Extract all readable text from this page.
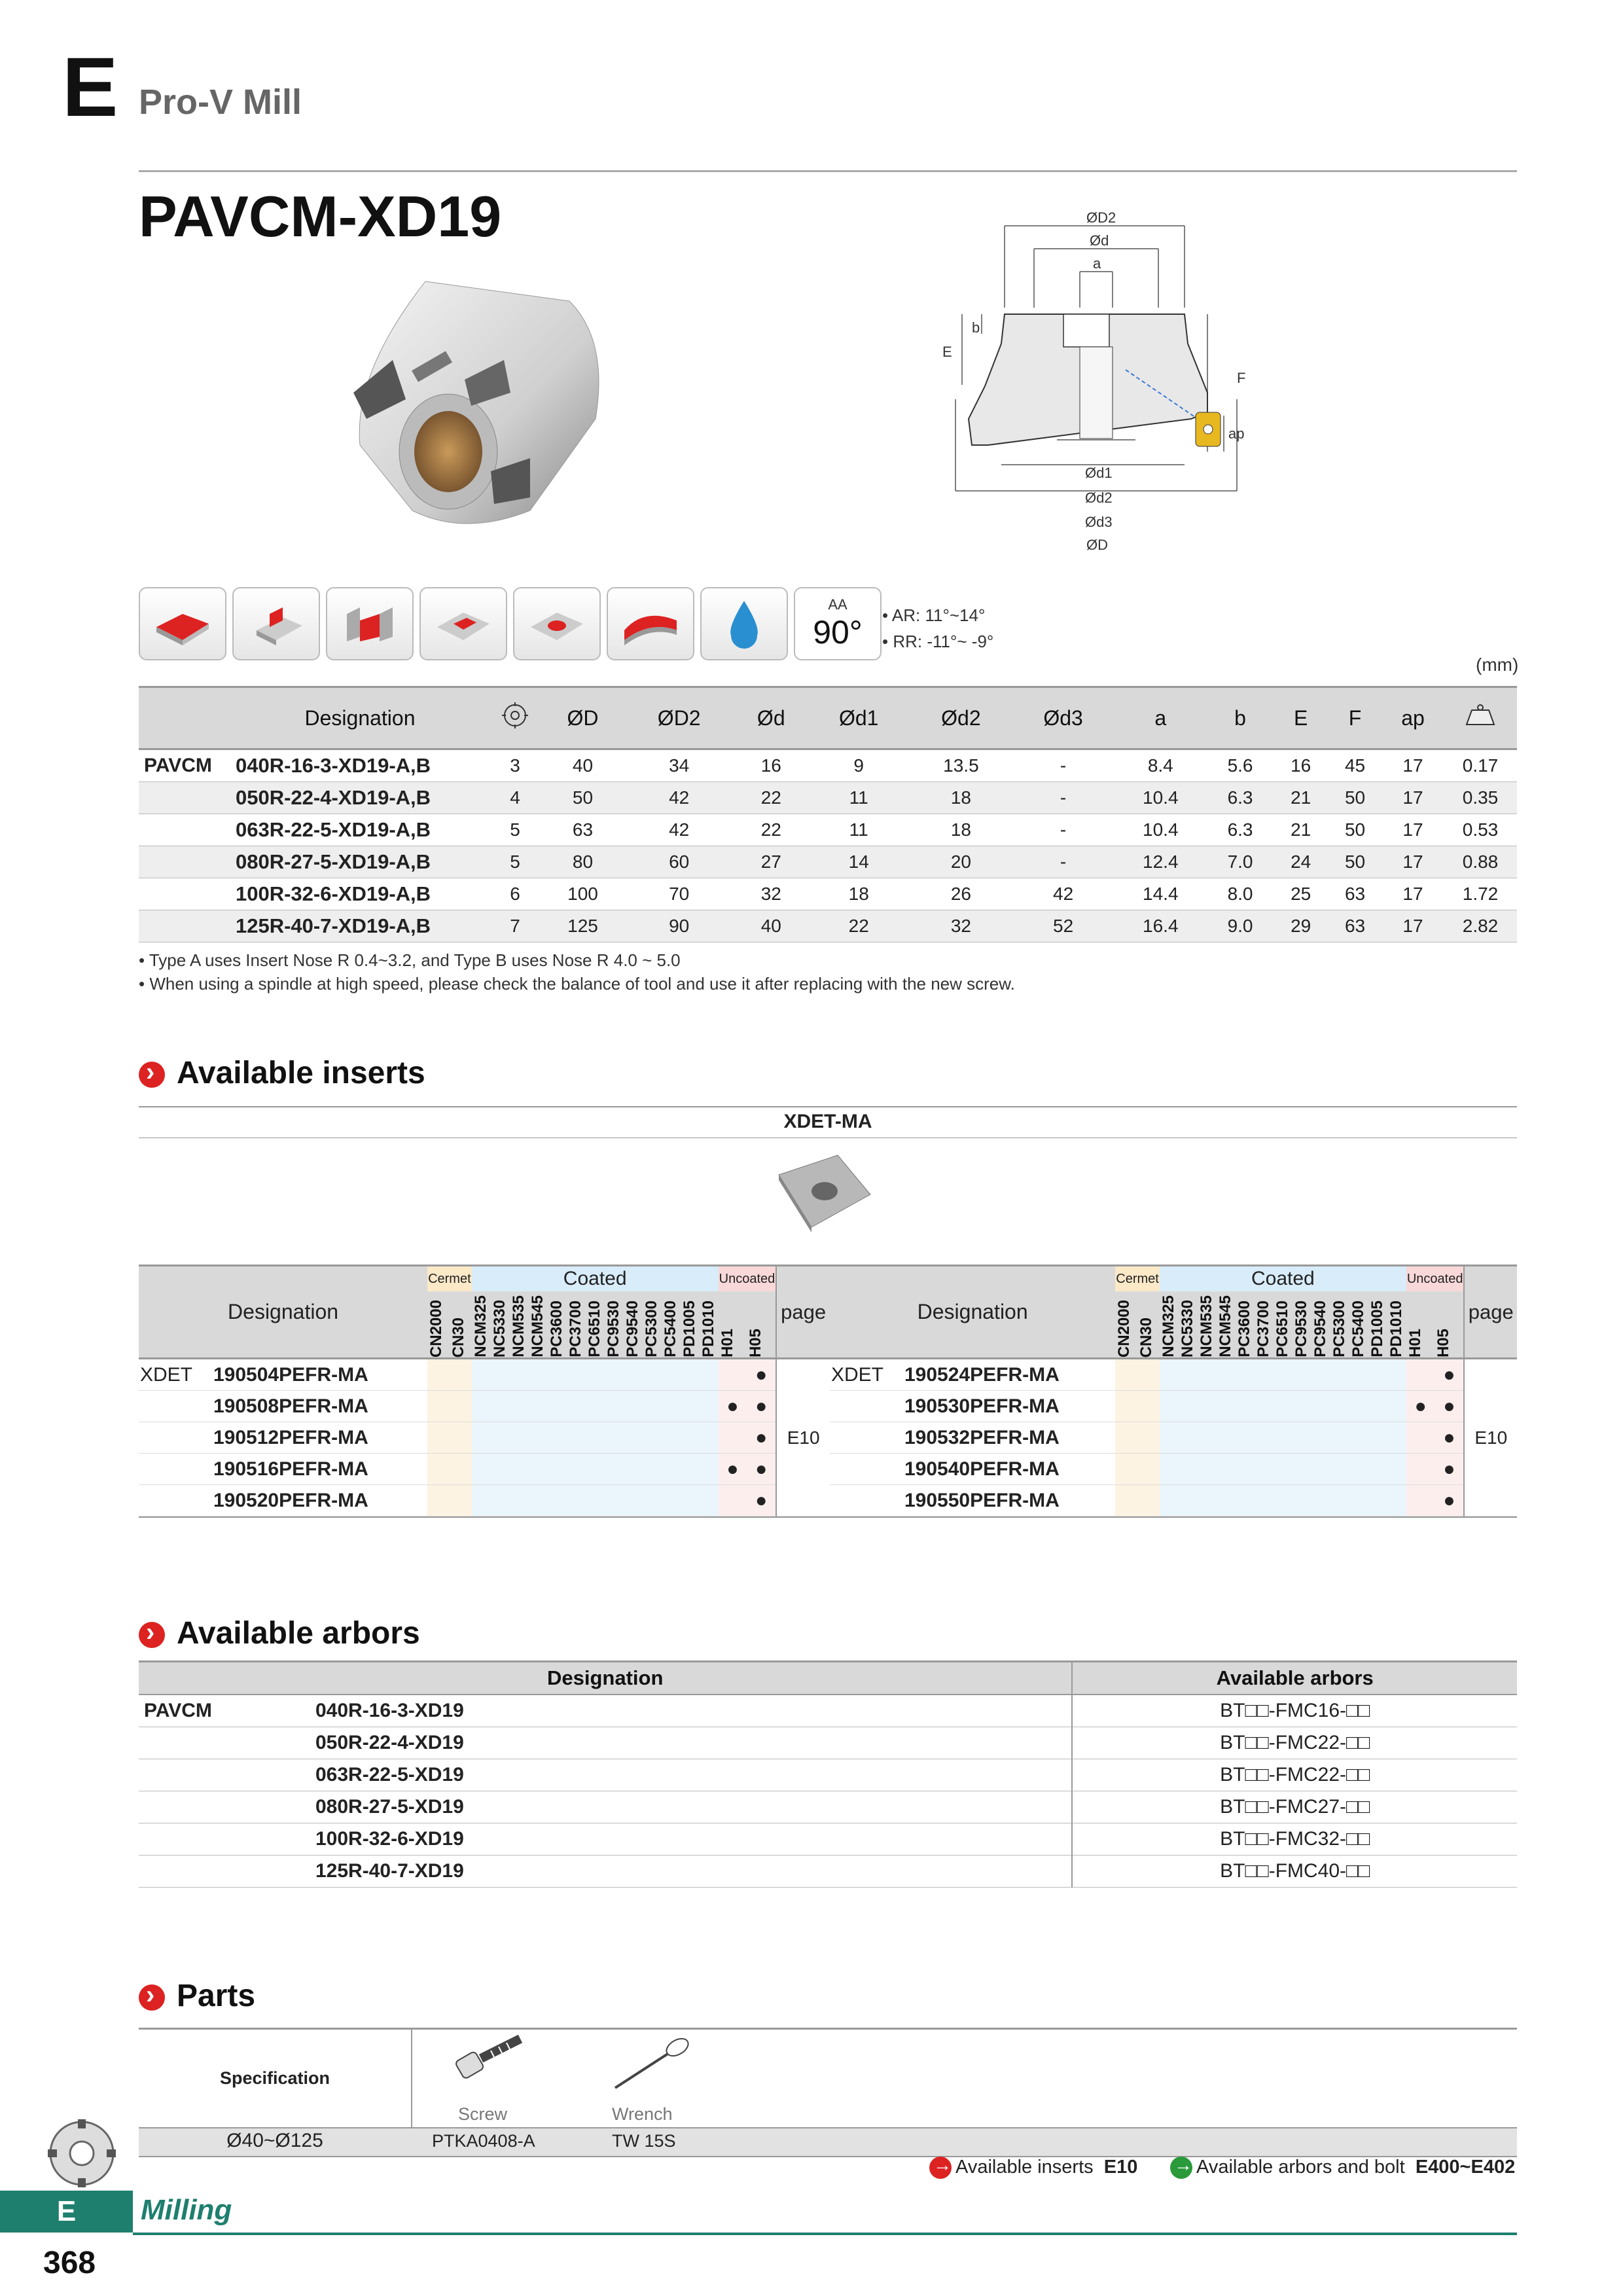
E Pro-V Mill
PAVCM-XD19	ØD2
Ød
a
b
E
F
ap
Ød1
Ød2
Ød3
ØD
AA
90° • AR: 11°~14°
• RR: -11°~ -9°
(mm)
	Designation		ØD	ØD2	Ød	Ød1	Ød2	Ød3	a	b	E	F	ap	
PAVCM	040R-16-3-XD19-A,B	3	40	34	16	9	13.5	-	8.4	5.6	16	45	17	0.17
	050R-22-4-XD19-A,B	4	50	42	22	11	18	-	10.4	6.3	21	50	17	0.35
	063R-22-5-XD19-A,B	5	63	42	22	11	18	-	10.4	6.3	21	50	17	0.53
	080R-27-5-XD19-A,B	5	80	60	27	14	20	-	12.4	7.0	24	50	17	0.88
	100R-32-6-XD19-A,B	6	100	70	32	18	26	42	14.4	8.0	25	63	17	1.72
	125R-40-7-XD19-A,B	7	125	90	40	22	32	52	16.4	9.0	29	63	17	2.82
• Type A uses Insert Nose R 0.4~3.2, and Type B uses Nose R 4.0 ~ 5.0
• When using a spindle at high speed, please check the balance of tool and use it after replacing with the new screw.
›Available inserts
XDET-MA
Designation		Cermet		Coated													Uncoated		page

		CN2000	CN30	NCM325	NC5330	NCM535	NCM545	PC3600	PC3700	PC6510	PC9530	PC9540	PC5300	PC5400	PD1005	PD1010	H01	H05	

XDET	190504PEFR-MA																	●	E10
	190508PEFR-MA																●	●	
	190512PEFR-MA																	●	
	190516PEFR-MA																●	●	
	190520PEFR-MA																	●	
Designation		Cermet		Coated													Uncoated		page

		CN2000	CN30	NCM325	NC5330	NCM535	NCM545	PC3600	PC3700	PC6510	PC9530	PC9540	PC5300	PC5400	PD1005	PD1010	H01	H05	

XDET	190524PEFR-MA																	●	E10
	190530PEFR-MA																●	●	
	190532PEFR-MA																	●	
	190540PEFR-MA																	●	
	190550PEFR-MA																	●	
›Available arbors
Designation		Available arbors
PAVCM	040R-16-3-XD19	BT□□-FMC16-□□
	050R-22-4-XD19	BT□□-FMC22-□□
	063R-22-5-XD19	BT□□-FMC22-□□
	080R-27-5-XD19	BT□□-FMC27-□□
	100R-32-6-XD19	BT□□-FMC32-□□
	125R-40-7-XD19	BT□□-FMC40-□□
›Parts
Specification
Screw	Wrench
Ø40~Ø125	PTKA0408-A	TW 15S
→Available inserts E10 →	Available arbors and bolt E400~E402
E	Milling
368
